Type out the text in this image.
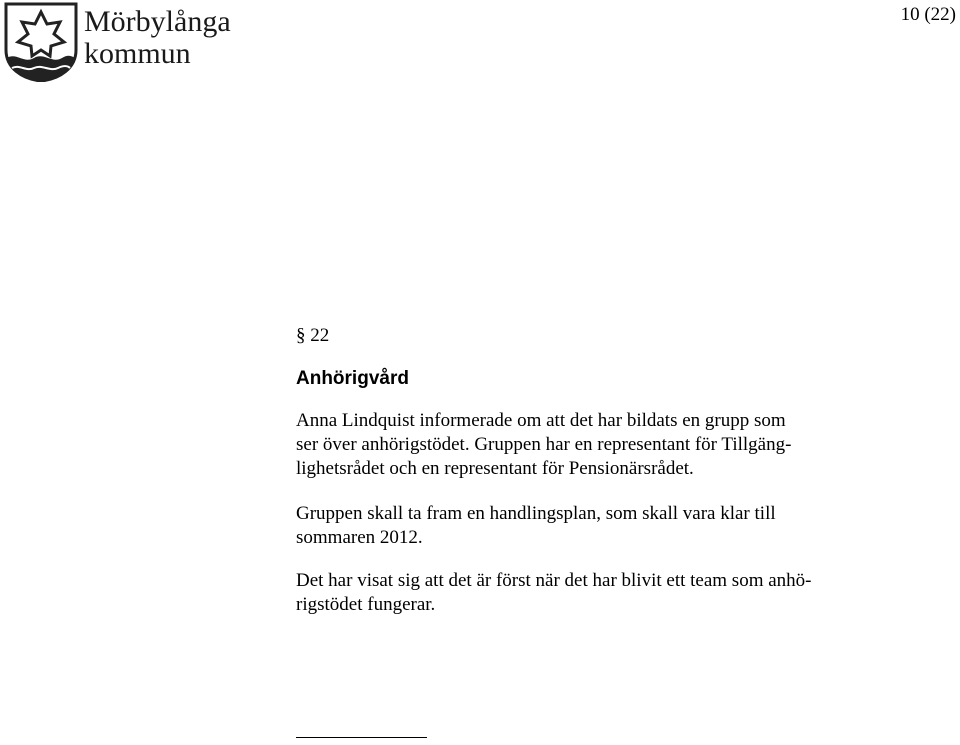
Mörbylånga
kommun
10 (22)
§ 22
Anhörigvård

Anna Lindquist informerade om att det har bildats en grupp som
ser över anhörigstödet. Gruppen har en representant för Tillgäng-
lighetsrådet och en representant för Pensionärsrådet.

Gruppen skall ta fram en handlingsplan, som skall vara klar till
sommaren 2012.

Det har visat sig att det är först när det har blivit ett team som anhö-
rigstödet fungerar.
